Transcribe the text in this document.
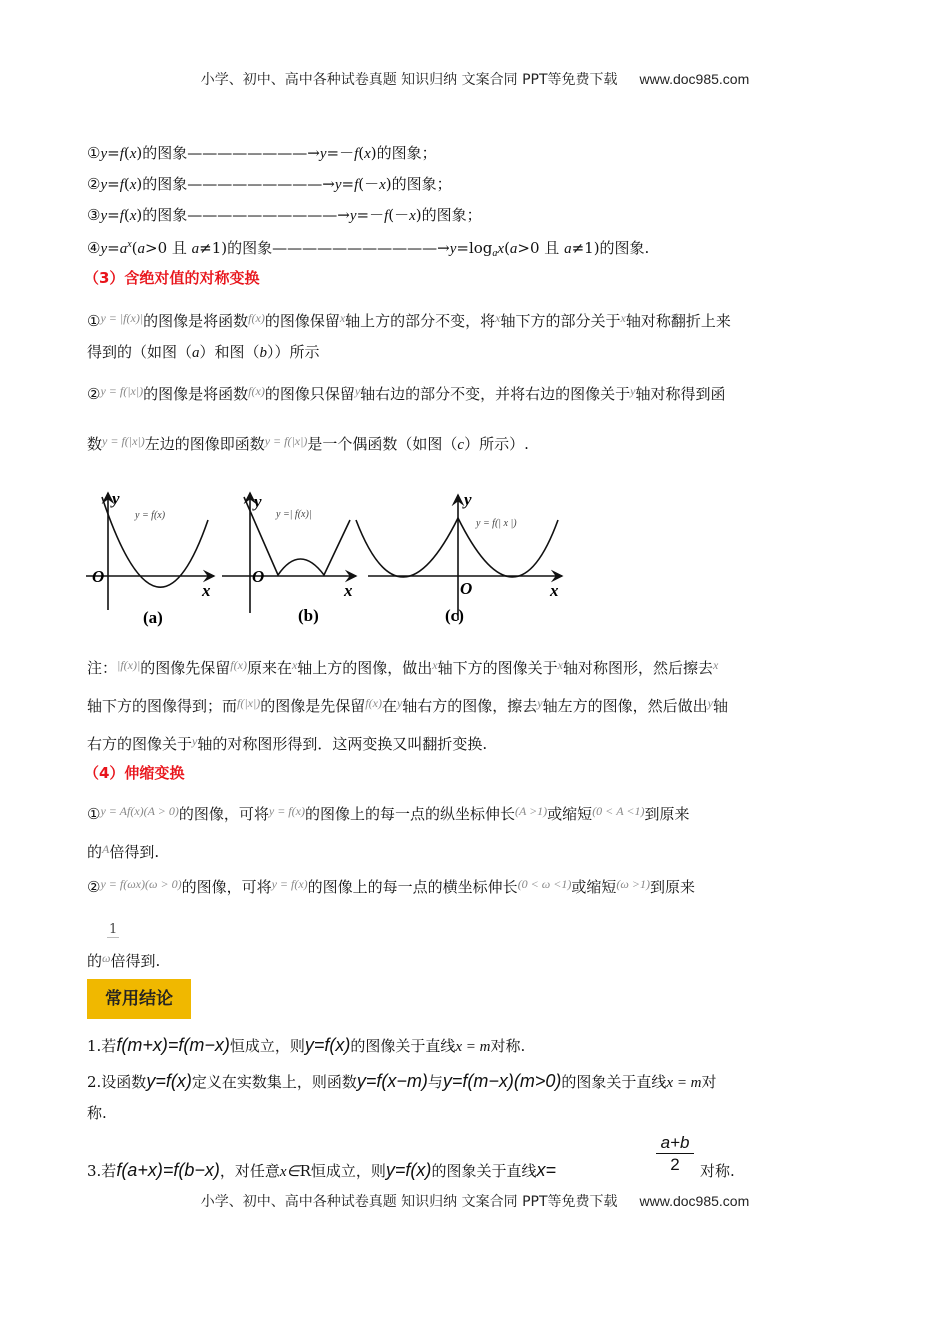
小学、初中、高中各种试卷真题 知识归纳 文案合同 PPT等免费下载 www.doc985.com
①y=f(x)的图象————————→y=－f(x)的图象；
②y=f(x)的图象—————————→y=f(－x)的图象；
③y=f(x)的图象——————————→y=－f(－x)的图象；
$④y=a^x(a>0$ 且 a≠1)的图象$———————————\to y=\log_ax(a>0$ 且 a≠1)的图象.
（3）含绝对值的对称变换
①$^{y = |f(x)|}$的图像是将函数$^{f(x)}$的图像保留$^x$轴上方的部分不变，将$^x$轴下方的部分关于$^x$轴对称翻折上来
得到的（如图（a）和图（b））所示
②$^{y = f(|x|)}$的图像是将函数$^{f(x)}$的图像只保留$^y$轴右边的部分不变，并将右边的图像关于$^y$轴对称得到函
数$^{y = f(|x|)}$左边的图像即函数$^{y = f(|x|)}$是一个偶函数（如图（c）所示）.
y
y = f(x)
O
x
y
y =| f(x)|
O
x
y
y = f(| x |)
O	x
(a)	(b)	(c)
注：$^{|f(x)|}$的图像先保留$^{f(x)}$原来在$^x$轴上方的图像，做出$^x$轴下方的图像关于$^x$轴对称图形，然后擦去$^x$
轴下方的图像得到；而$^{f(|x|)}$的图像是先保留$^{f(x)}$在$^y$轴右方的图像，擦去$^y$轴左方的图像，然后做出$^y$轴
右方的图像关于$^y$轴的对称图形得到．这两变换又叫翻折变换.
（4）伸缩变换
①$^{y = Af(x)(A > 0)}$的图像，可将$^{y = f(x)}$的图像上的每一点的纵坐标伸长$^{(A >1)}$或缩短$^{(0 < A <1)}$到原来
的$^A$倍得到.
②$^{y = f(\omega x)(\omega > 0)}$的图像，可将$^{y = f(x)}$的图像上的每一点的横坐标伸长$^{(0 < \omega <1)}$或缩短$^{(\omega >1)}$到原来
1
的$^\omega$倍得到.
常用结论
1.若f(m+x)=f(m−x)恒成立，则y=f(x)的图像关于直线x = m对称.
2.设函数y=f(x)定义在实数集上，则函数y=f(x−m)与y=f(m−x)(m>0)的图象关于直线x = m对
称.
3.若f(a+x)=f(b−x)，对任意x∈R恒成立，则y=f(x)的图象关于直线x=	$\frac{a+b}{2}$ 对称.
小学、初中、高中各种试卷真题 知识归纳 文案合同 PPT等免费下载 www.doc985.com
